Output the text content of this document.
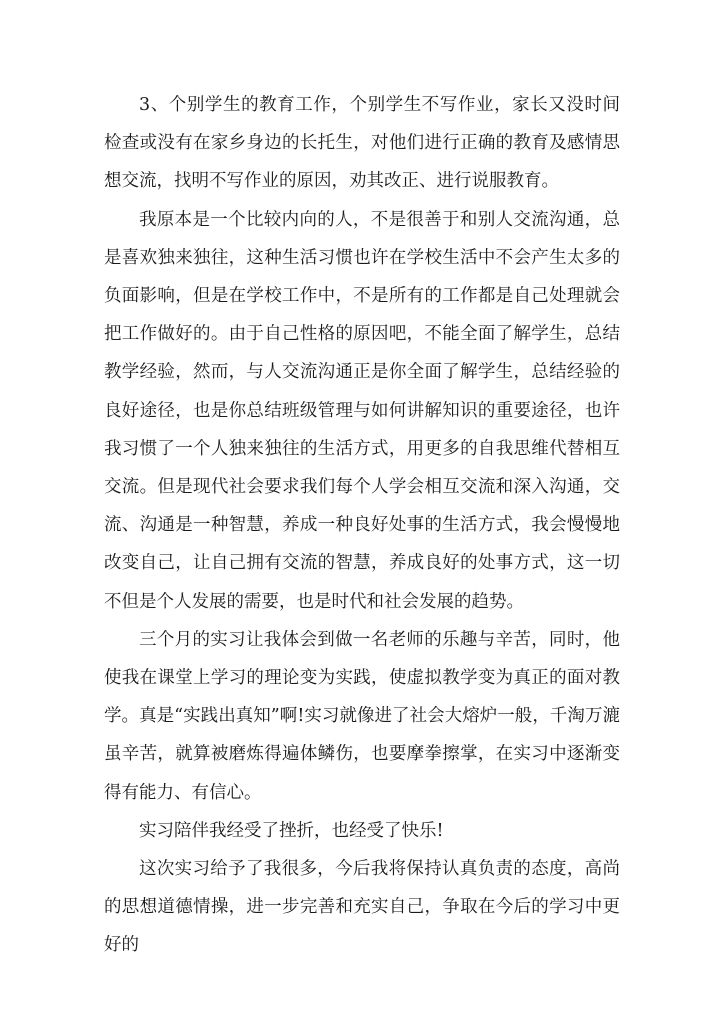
3、个别学生的教育工作，个别学生不写作业，家长又没时间检查或没有在家乡身边的长托生，对他们进行正确的教育及感情思想交流，找明不写作业的原因，劝其改正、进行说服教育。

我原本是一个比较内向的人，不是很善于和别人交流沟通，总是喜欢独来独往，这种生活习惯也许在学校生活中不会产生太多的负面影响，但是在学校工作中，不是所有的工作都是自己处理就会把工作做好的。由于自己性格的原因吧，不能全面了解学生，总结教学经验，然而，与人交流沟通正是你全面了解学生，总结经验的良好途径，也是你总结班级管理与如何讲解知识的重要途径，也许我习惯了一个人独来独往的生活方式，用更多的自我思维代替相互交流。但是现代社会要求我们每个人学会相互交流和深入沟通，交流、沟通是一种智慧，养成一种良好处事的生活方式，我会慢慢地改变自己，让自己拥有交流的智慧，养成良好的处事方式，这一切不但是个人发展的需要，也是时代和社会发展的趋势。

三个月的实习让我体会到做一名老师的乐趣与辛苦，同时，他使我在课堂上学习的理论变为实践，使虚拟教学变为真正的面对教学。真是“实践出真知”啊!实习就像进了社会大熔炉一般，千淘万漉虽辛苦，就算被磨炼得遍体鳞伤，也要摩拳擦掌，在实习中逐渐变得有能力、有信心。

实习陪伴我经受了挫折，也经受了快乐!

这次实习给予了我很多，今后我将保持认真负责的态度，高尚的思想道德情操，进一步完善和充实自己，争取在今后的学习中更好的
